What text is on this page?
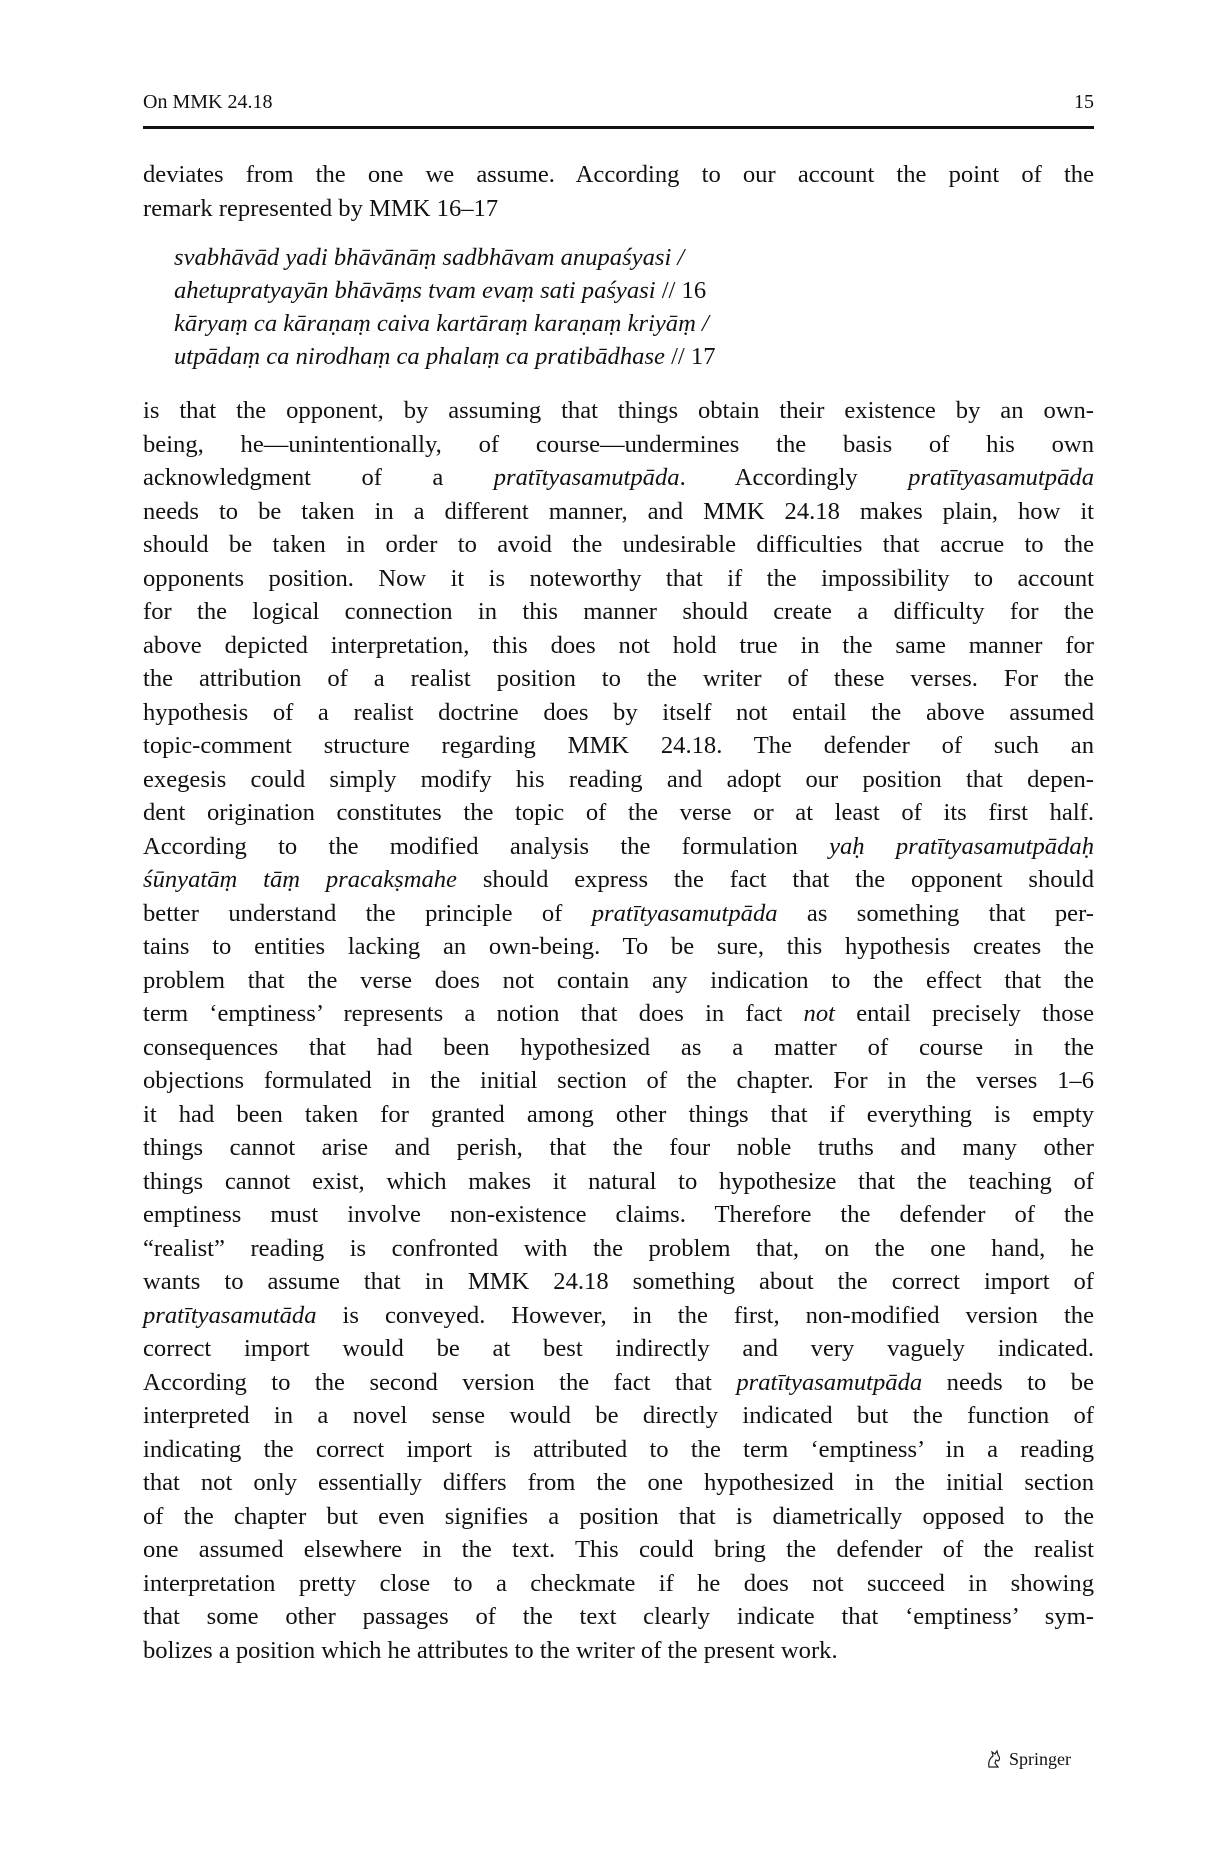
On MMK 24.18	15
deviates from the one we assume. According to our account the point of the
remark represented by MMK 16–17
svabhāvād yadi bhāvānāṃ sadbhāvam anupaśyasi /
ahetupratyayān bhāvāṃs tvam evaṃ sati paśyasi // 16
kāryaṃ ca kāraṇaṃ caiva kartāraṃ karaṇaṃ kriyāṃ /
utpādaṃ ca nirodhaṃ ca phalaṃ ca pratibādhase // 17
is that the opponent, by assuming that things obtain their existence by an own-
being, he—unintentionally, of course—undermines the basis of his own
acknowledgment of a pratītyasamutpāda. Accordingly pratītyasamutpāda
needs to be taken in a different manner, and MMK 24.18 makes plain, how it
should be taken in order to avoid the undesirable difficulties that accrue to the
opponents position. Now it is noteworthy that if the impossibility to account
for the logical connection in this manner should create a difficulty for the
above depicted interpretation, this does not hold true in the same manner for
the attribution of a realist position to the writer of these verses. For the
hypothesis of a realist doctrine does by itself not entail the above assumed
topic-comment structure regarding MMK 24.18. The defender of such an
exegesis could simply modify his reading and adopt our position that depen-
dent origination constitutes the topic of the verse or at least of its first half.
According to the modified analysis the formulation yaḥ pratītyasamutpādaḥ
śūnyatāṃ tāṃ pracakṣmahe should express the fact that the opponent should
better understand the principle of pratītyasamutpāda as something that per-
tains to entities lacking an own-being. To be sure, this hypothesis creates the
problem that the verse does not contain any indication to the effect that the
term ‘emptiness’ represents a notion that does in fact not entail precisely those
consequences that had been hypothesized as a matter of course in the
objections formulated in the initial section of the chapter. For in the verses 1–6
it had been taken for granted among other things that if everything is empty
things cannot arise and perish, that the four noble truths and many other
things cannot exist, which makes it natural to hypothesize that the teaching of
emptiness must involve non-existence claims. Therefore the defender of the
“realist” reading is confronted with the problem that, on the one hand, he
wants to assume that in MMK 24.18 something about the correct import of
pratītyasamutāda is conveyed. However, in the first, non-modified version the
correct import would be at best indirectly and very vaguely indicated.
According to the second version the fact that pratītyasamutpāda needs to be
interpreted in a novel sense would be directly indicated but the function of
indicating the correct import is attributed to the term ‘emptiness’ in a reading
that not only essentially differs from the one hypothesized in the initial section
of the chapter but even signifies a position that is diametrically opposed to the
one assumed elsewhere in the text. This could bring the defender of the realist
interpretation pretty close to a checkmate if he does not succeed in showing
that some other passages of the text clearly indicate that ‘emptiness’ sym-
bolizes a position which he attributes to the writer of the present work.
Springer
